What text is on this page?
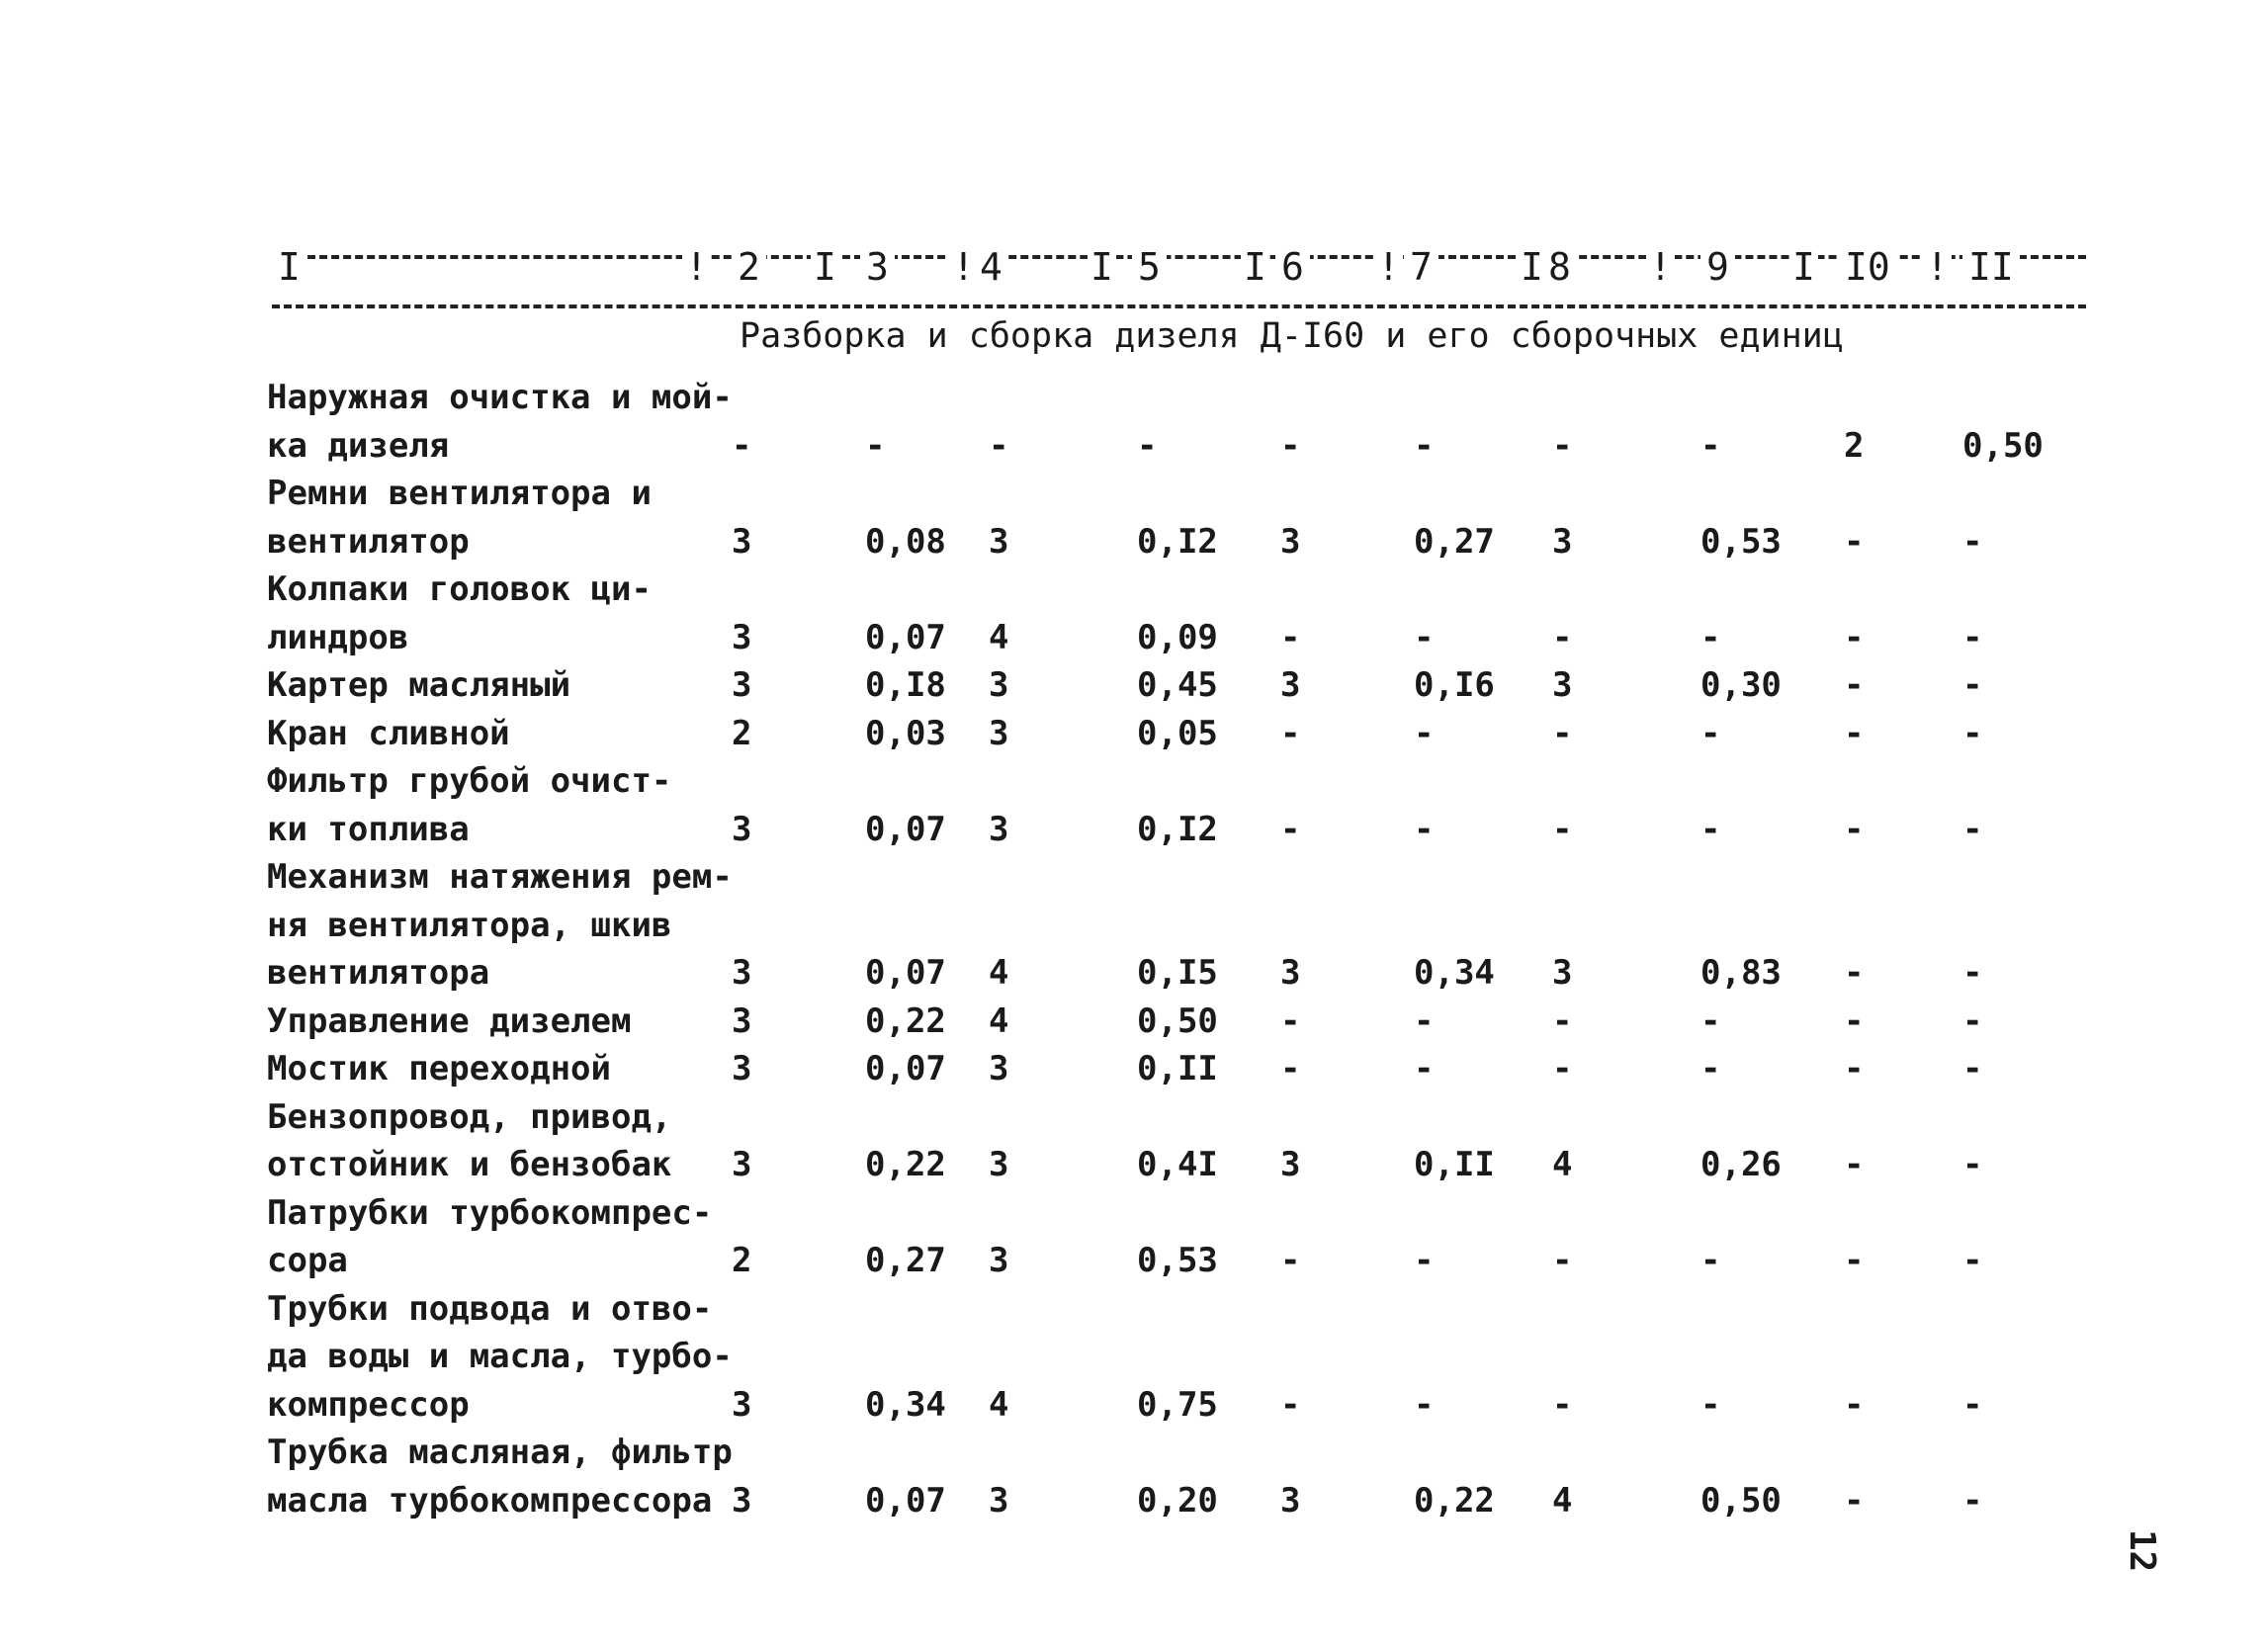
I	2	3 4	5	6	7	8	9	I0 II
!	I	!	I	I	!	I	!	I	!
Разборка и сборка дизеля Д-I60 и его сборочных единиц
Наружная очистка и мой-
ка дизеля	-	-	-	-	-	-	-	-	2	0,50
Ремни вентилятора и
вентилятор	3	0,08 3	0,I2 3	0,27 3	0,53 -	-
Колпаки головок ци-
линдров	3	0,07 4	0,09 -	-	-	-	-	-
Картер масляный	3	0,I8 3	0,45 3	0,I6 3	0,30 -	-
Кран сливной	2	0,03 3	0,05 -	-	-	-	-	-
Фильтр грубой очист-
ки топлива	3	0,07 3	0,I2 -	-	-	-	-	-
Механизм натяжения рем-
ня вентилятора, шкив
вентилятора	3	0,07 4	0,I5 3	0,34 3	0,83 -	-
Управление дизелем	3	0,22 4	0,50 -	-	-	-	-	-
Мостик переходной	3	0,07 3	0,II -	-	-	-	-	-
Бензопровод, привод,
отстойник и бензобак	3	0,22 3	0,4I 3	0,II 4	0,26 -	-
Патрубки турбокомпрес-
сора	2	0,27 3	0,53 -	-	-	-	-	-
Трубки подвода и отво-
да воды и масла, турбо-
компрессор	3	0,34 4	0,75 -	-	-	-	-	-
Трубка масляная, фильтр
масла турбокомпрессора 3	0,07 3	0,20 3	0,22 4	0,50 -	-
12
